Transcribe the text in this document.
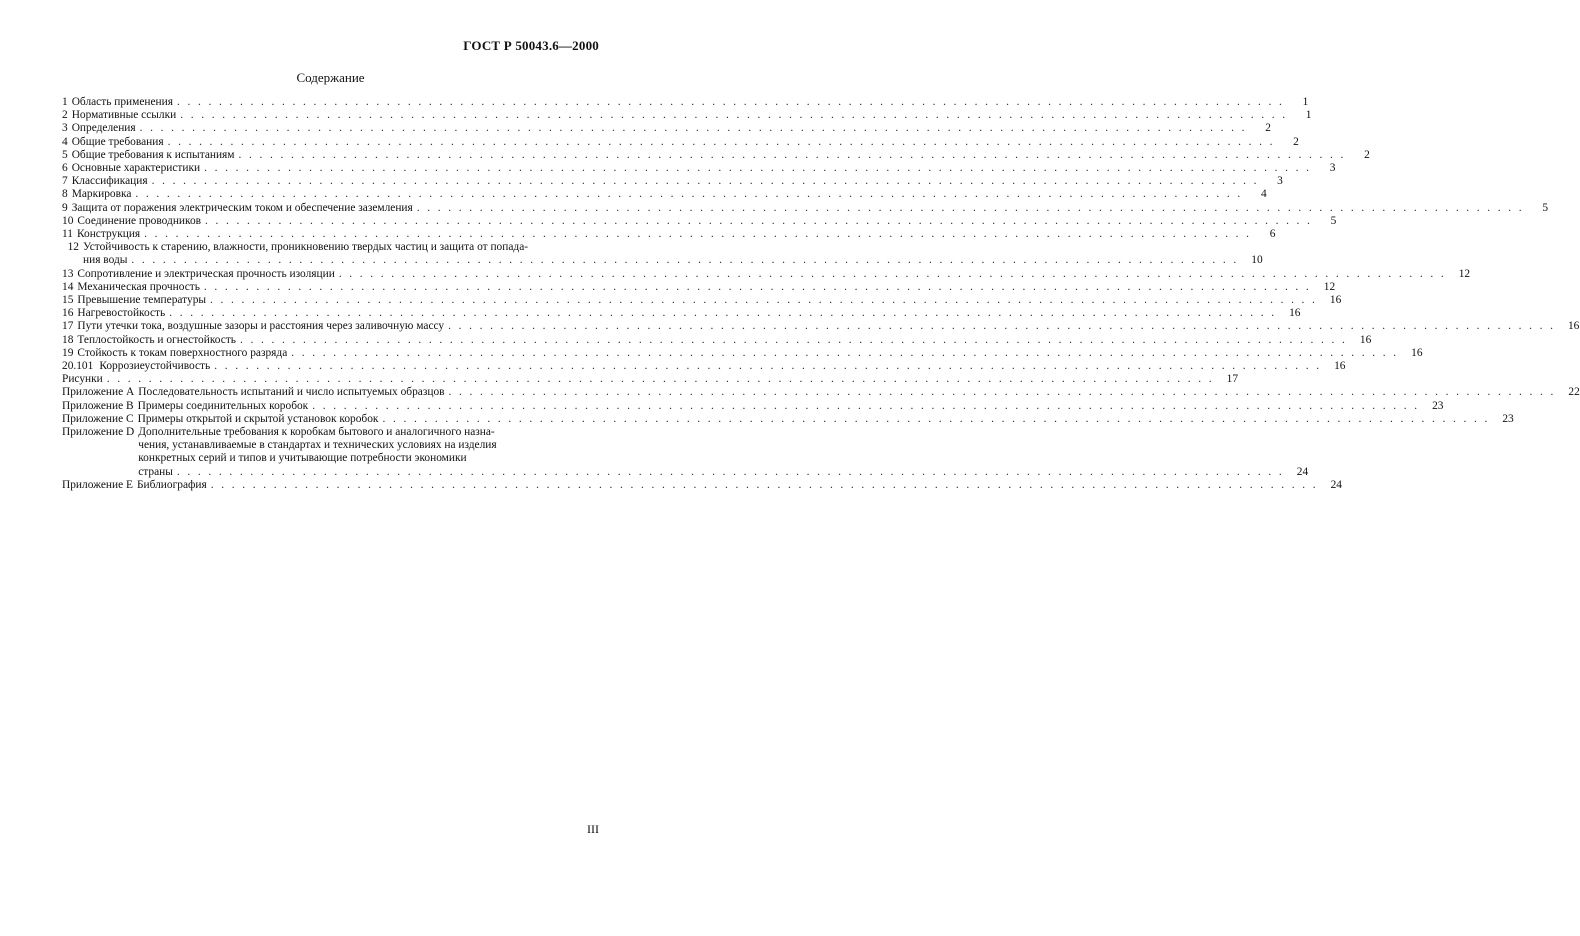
ГОСТ Р 50043.6—2000
Содержание
1 Область применения . . .	1
2 Нормативные ссылки . . .	1
3 Определения . . .	2
4 Общие требования . . .	2
5 Общие требования к испытаниям . . .	2
6 Основные характеристики . . .	3
7 Классификация . . .	3
8 Маркировка . . .	4
9 Защита от поражения электрическим током и обеспечение заземления . . .	5
10 Соединение проводников . . .	5
11 Конструкция . . .	6
12 Устойчивость к старению, влажности, проникновению твердых частиц и защита от попада-
ния воды . . .	10
13 Сопротивление и электрическая прочность изоляции . . .	12
14 Механическая прочность . . .	12
15 Превышение температуры . . .	16
16 Нагревостойкость . . .	16
17 Пути утечки тока, воздушные зазоры и расстояния через заливочную массу . . .	16
18 Теплостойкость и огнестойкость . . .	16
19 Стойкость к токам поверхностного разряда . . .	16
20.101 Коррозиеустойчивость . . .	16
Рисунки . . .	17
Приложение A Последовательность испытаний и число испытуемых образцов . . .	22
Приложение B Примеры соединительных коробок . . .	23
Приложение C Примеры открытой и скрытой установок коробок . . .	23
Приложение D Дополнительные требования к коробкам бытового и аналогичного назна-
чения, устанавливаемые в стандартах и технических условиях на изделия
конкретных серий и типов и учитывающие потребности экономики
страны . . .	24
Приложение E Библиография . . .	24
III
